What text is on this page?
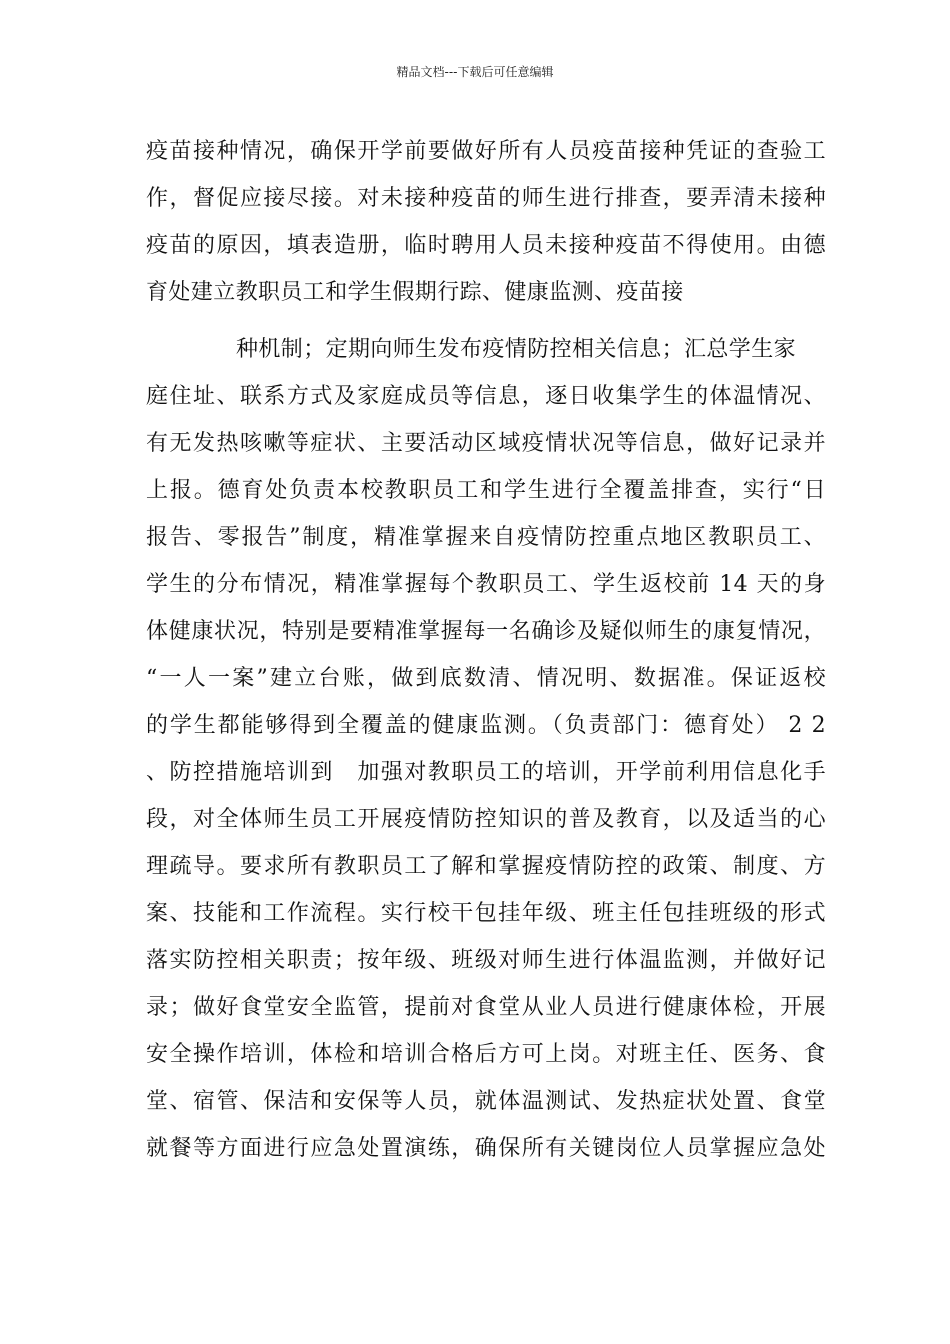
精品文档---下载后可任意编辑
疫苗接种情况，确保开学前要做好所有人员疫苗接种凭证的查验工
作，督促应接尽接。对未接种疫苗的师生进行排查，要弄清未接种
疫苗的原因，填表造册，临时聘用人员未接种疫苗不得使用。由德
育处建立教职员工和学生假期行踪、健康监测、疫苗接
种机制；定期向师生发布疫情防控相关信息；汇总学生家
庭住址、联系方式及家庭成员等信息，逐日收集学生的体温情况、
有无发热咳嗽等症状、主要活动区域疫情状况等信息，做好记录并
上报。德育处负责本校教职员工和学生进行全覆盖排查，实行“日
报告、零报告”制度，精准掌握来自疫情防控重点地区教职员工、
学生的分布情况，精准掌握每个教职员工、学生返校前 14 天的身
体健康状况，特别是要精准掌握每一名确诊及疑似师生的康复情况，
“一人一案”建立台账，做到底数清、情况明、数据准。保证返校
的学生都能够得到全覆盖的健康监测。（负责部门：德育处） 2 2
、防控措施培训到　加强对教职员工的培训，开学前利用信息化手
段，对全体师生员工开展疫情防控知识的普及教育，以及适当的心
理疏导。要求所有教职员工了解和掌握疫情防控的政策、制度、方
案、技能和工作流程。实行校干包挂年级、班主任包挂班级的形式
落实防控相关职责；按年级、班级对师生进行体温监测，并做好记
录；做好食堂安全监管，提前对食堂从业人员进行健康体检，开展
安全操作培训，体检和培训合格后方可上岗。对班主任、医务、食
堂、宿管、保洁和安保等人员，就体温测试、发热症状处置、食堂
就餐等方面进行应急处置演练，确保所有关键岗位人员掌握应急处
